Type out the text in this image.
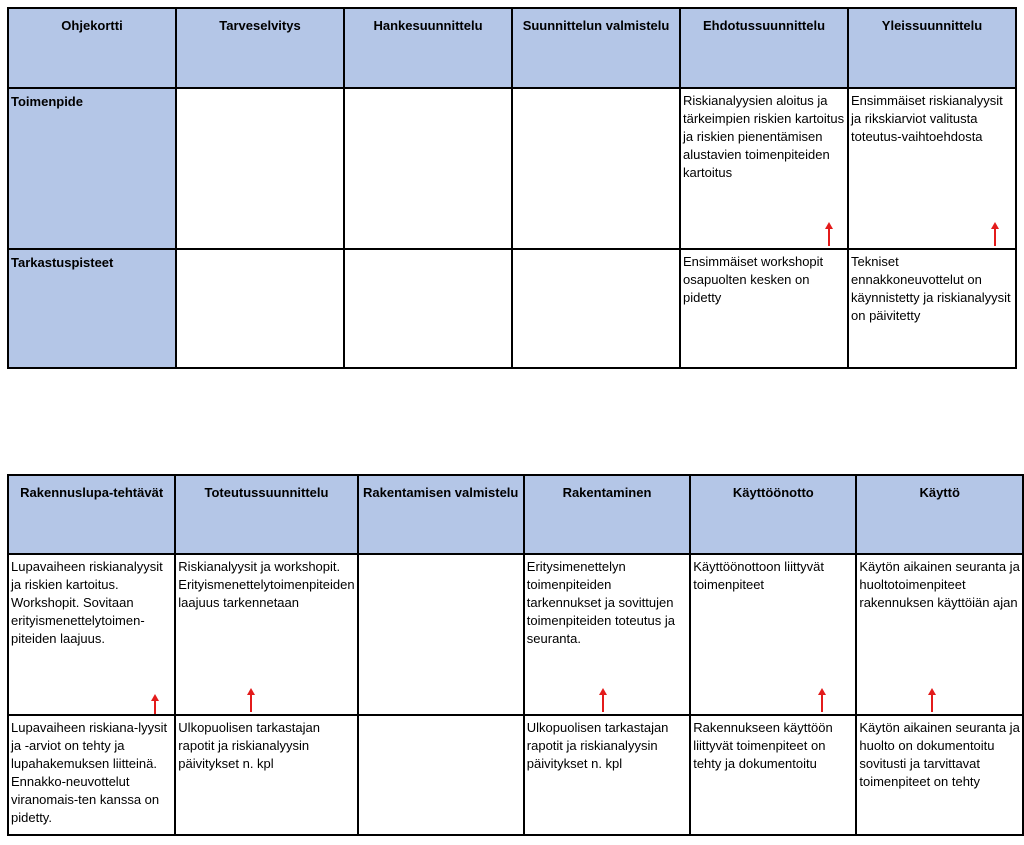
Ohjekortti	Tarveselvitys	Hankesuunnittelu	Suunnittelun valmistelu	Ehdotussuunnittelu	Yleissuunnittelu
Toimenpide				Riskianalyysien aloitus ja tärkeimpien riskien kartoitus ja riskien pienentämisen alustavien toimenpiteiden kartoitus	Ensimmäiset riskianalyysit ja rikskiarviot valitusta toteutus-vaihtoehdosta

Tarkastuspisteet				Ensimmäiset workshopit osapuolten kesken on pidetty	Tekniset ennakkoneuvottelut on käynnistetty ja riskianalyysit on päivitetty
Rakennuslupa-tehtävät	Toteutussuunnittelu	Rakentamisen valmistelu	Rakentaminen	Käyttöönotto	Käyttö

Lupavaiheen riskianalyysit ja riskien kartoitus. Workshopit. Sovitaan erityismenettelytoimen-piteiden laajuus.	Riskianalyysit ja workshopit. Erityismenettelytoimenpiteiden laajuus tarkennetaan		Eritysimenettelyn toimenpiteiden tarkennukset ja sovittujen toimenpiteiden toteutus ja seuranta.	Käyttöönottoon liittyvät toimenpiteet	Käytön aikainen seuranta ja huoltotoimenpiteet rakennuksen käyttöiän ajan

Lupavaiheen riskiana-lyysit ja -arviot on tehty ja lupahakemuksen liitteinä. Ennakko-neuvottelut viranomais-ten kanssa on pidetty.	Ulkopuolisen tarkastajan rapotit ja riskianalyysin päivitykset n. kpl		Ulkopuolisen tarkastajan rapotit ja riskianalyysin päivitykset n. kpl	Rakennukseen käyttöön liittyvät toimenpiteet on tehty ja dokumentoitu	Käytön aikainen seuranta ja huolto on dokumentoitu sovitusti ja tarvittavat toimenpiteet on tehty
